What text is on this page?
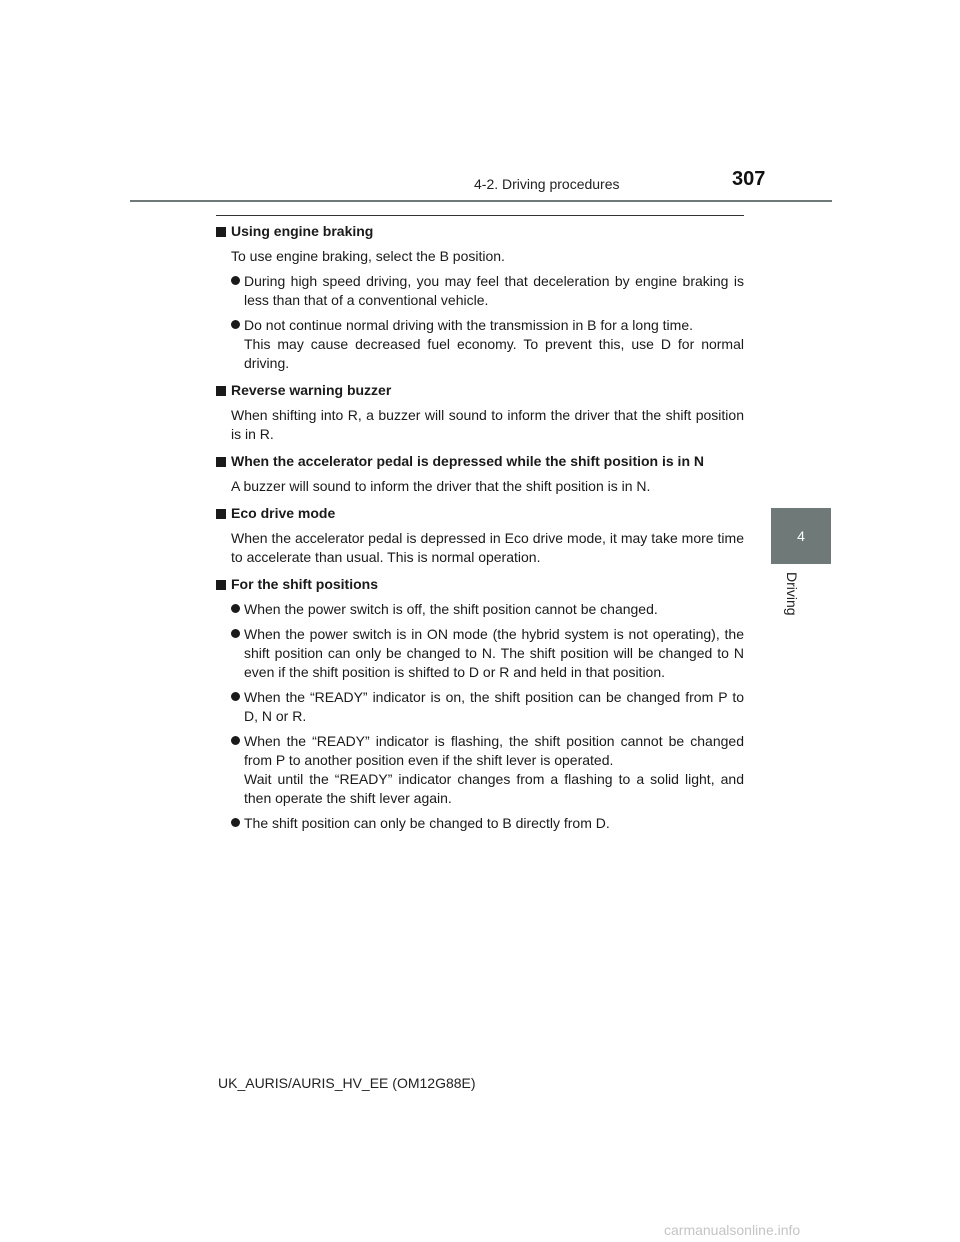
4-2. Driving procedures	307
4
Driving
Using engine braking
To use engine braking, select the B position.
During high speed driving, you may feel that deceleration by engine braking is less than that of a conventional vehicle.
Do not continue normal driving with the transmission in B for a long time.
This may cause decreased fuel economy. To prevent this, use D for normal driving.
Reverse warning buzzer
When shifting into R, a buzzer will sound to inform the driver that the shift position is in R.
When the accelerator pedal is depressed while the shift position is in N
A buzzer will sound to inform the driver that the shift position is in N.
Eco drive mode
When the accelerator pedal is depressed in Eco drive mode, it may take more time to accelerate than usual. This is normal operation.
For the shift positions
When the power switch is off, the shift position cannot be changed.
When the power switch is in ON mode (the hybrid system is not operating), the shift position can only be changed to N. The shift position will be changed to N even if the shift position is shifted to D or R and held in that position.
When the “READY” indicator is on, the shift position can be changed from P to D, N or R.
When the “READY” indicator is flashing, the shift position cannot be changed from P to another position even if the shift lever is operated.
Wait until the “READY” indicator changes from a flashing to a solid light, and then operate the shift lever again.
The shift position can only be changed to B directly from D.
UK_AURIS/AURIS_HV_EE (OM12G88E)
carmanualsonline.info
